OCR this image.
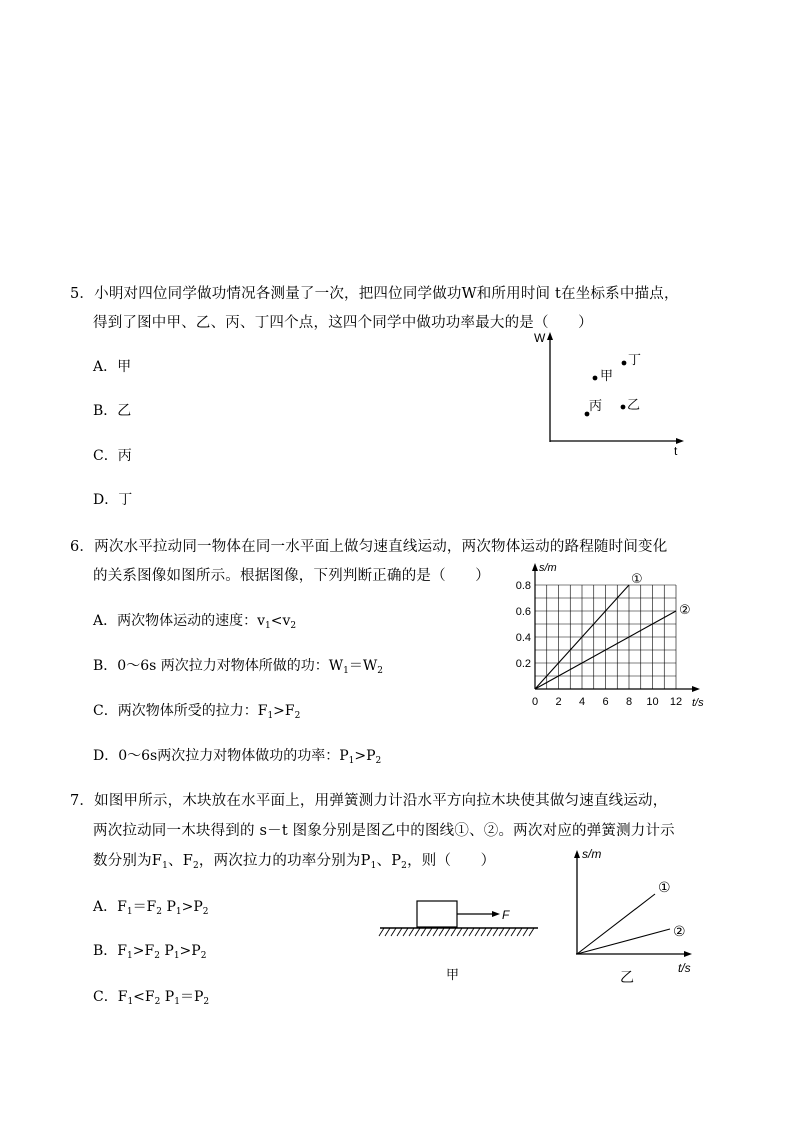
5．小明对四位同学做功情况各测量了一次，把四位同学做功W和所用时间 t在坐标系中描点，
得到了图中甲、乙、丙、丁四个点，这四个同学中做功功率最大的是（　　）
A．甲
B．乙
C．丙
D．丁
W
t
甲
丁
丙 乙
6．两次水平拉动同一物体在同一水平面上做匀速直线运动，两次物体运动的路程随时间变化
的关系图像如图所示。根据图像，下列判断正确的是（　　）
A．两次物体运动的速度：$v_1<v_2$
B．0～6s 两次拉力对物体所做的功：$W_1=W_2$
C．两次物体所受的拉力：$F_1>F_2$
D．0～6s两次拉力对物体做功的功率：$P_1>P_2$
①
②
0 2 4 6 8 10 12
0.2
0.4
0.6
0.8
s/m
t/s
7．如图甲所示，木块放在水平面上，用弹簧测力计沿水平方向拉木块使其做匀速直线运动，
两次拉动同一木块得到的 s－t 图象分别是图乙中的图线①、②。两次对应的弹簧测力计示
数分别为$F_1$、$F_2$，两次拉力的功率分别为$P_1$、$P_2$，则（　　）
A．$F_1=F_2$ $P_1>P_2$
B．$F_1>F_2$ $P_1>P_2$
C．$F_1<F_2$ $P_1=P_2$
F
甲
s/m
t/s
①
②
乙
